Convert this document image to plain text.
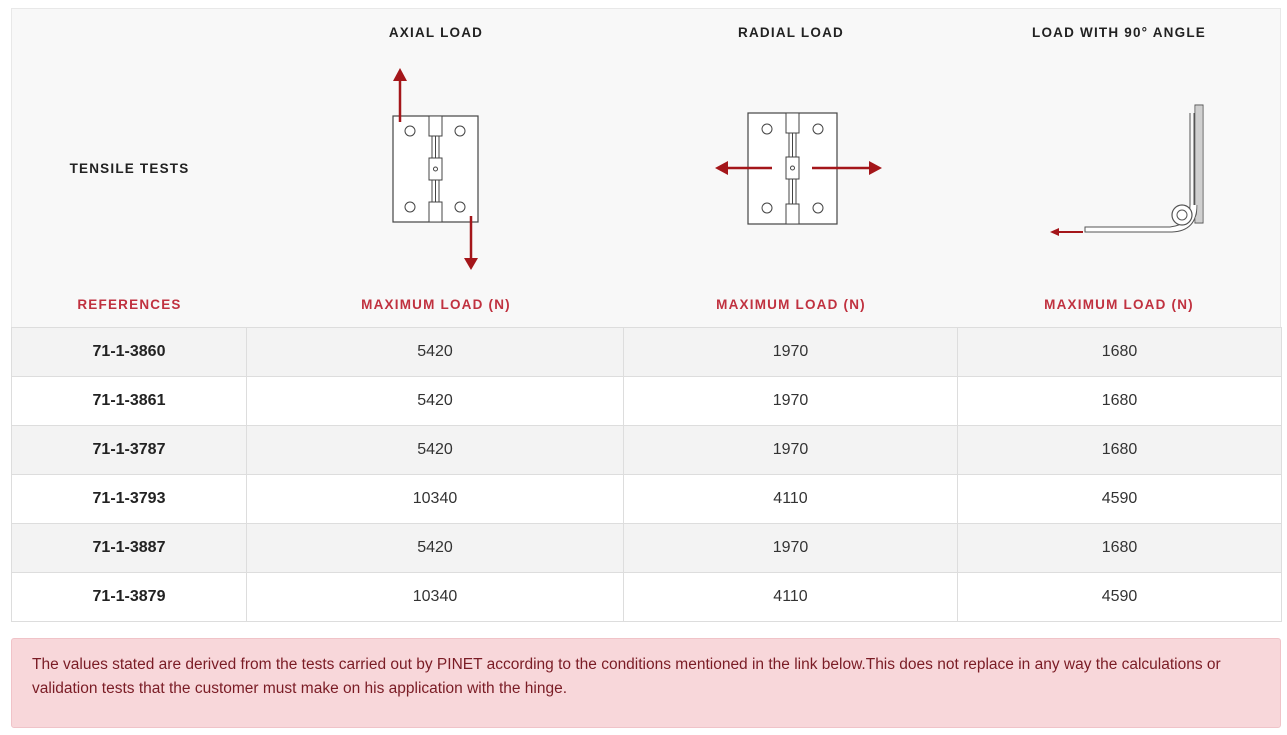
AXIAL LOAD	RADIAL LOAD	LOAD WITH 90° ANGLE
TENSILE TESTS
REFERENCES	MAXIMUM LOAD (N)	MAXIMUM LOAD (N)	MAXIMUM LOAD (N)
71-1-3860	5420	1970	1680
71-1-3861	5420	1970	1680
71-1-3787	5420	1970	1680
71-1-3793	10340	4110	4590
71-1-3887	5420	1970	1680
71-1-3879	10340	4110	4590
The values stated are derived from the tests carried out by PINET according to the conditions mentioned in the link below.This does not replace in any way the calculations or validation tests that the customer must make on his application with the hinge.
